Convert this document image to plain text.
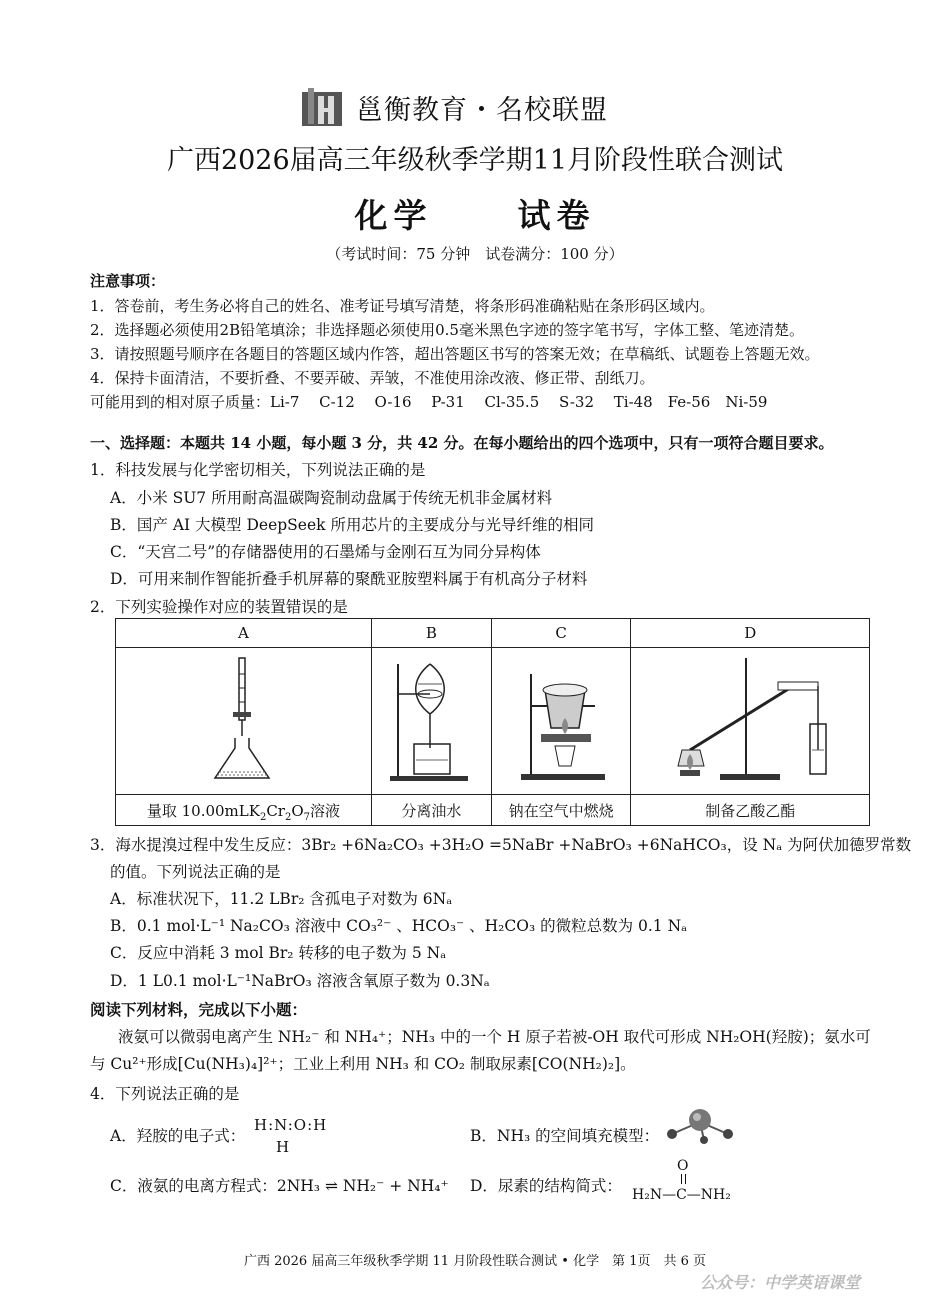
邕衡教育・名校联盟
广西2026届高三年级秋季学期11月阶段性联合测试
化学	试卷
（考试时间：75 分钟　试卷满分：100 分）
注意事项：
1．答卷前，考生务必将自己的姓名、准考证号填写清楚，将条形码准确粘贴在条形码区域内。
2．选择题必须使用2B铅笔填涂；非选择题必须使用0.5毫米黑色字迹的签字笔书写，字体工整、笔迹清楚。
3．请按照题号顺序在各题目的答题区域内作答，超出答题区书写的答案无效；在草稿纸、试题卷上答题无效。
4．保持卡面清洁，不要折叠、不要弄破、弄皱，不准使用涂改液、修正带、刮纸刀。
可能用到的相对原子质量：Li-7　 C-12　 O-16　 P-31　 Cl-35.5　 S-32　 Ti-48　Fe-56　Ni-59
一、选择题：本题共 14 小题，每小题 3 分，共 42 分。在每小题给出的四个选项中，只有一项符合题目要求。
1．科技发展与化学密切相关，下列说法正确的是
A．小米 SU7 所用耐高温碳陶瓷制动盘属于传统无机非金属材料
B．国产 AI 大模型 DeepSeek 所用芯片的主要成分与光导纤维的相同
C．“天宫二号”的存储器使用的石墨烯与金刚石互为同分异构体
D．可用来制作智能折叠手机屏幕的聚酰亚胺塑料属于有机高分子材料
2．下列实验操作对应的装置错误的是
A	B	C	D

量取 $10.00mLK_2Cr_2O_7$溶液	分离油水	钠在空气中燃烧	制备乙酸乙酯
3．海水提溴过程中发生反应：3Br₂ +6Na₂CO₃ +3H₂O =5NaBr +NaBrO₃ +6NaHCO₃，设 Nₐ 为阿伏加德罗常数
的值。下列说法正确的是
A．标准状况下，11.2 LBr₂ 含孤电子对数为 6Nₐ
B．0.1 mol·L⁻¹ Na₂CO₃ 溶液中 CO₃²⁻ 、HCO₃⁻ 、H₂CO₃ 的微粒总数为 0.1 Nₐ
C．反应中消耗 3 mol Br₂ 转移的电子数为 5 Nₐ
D．1 L0.1 mol·L⁻¹NaBrO₃ 溶液含氧原子数为 0.3Nₐ
阅读下列材料，完成以下小题：
液氨可以微弱电离产生 NH₂⁻ 和 NH₄⁺；NH₃ 中的一个 H 原子若被-OH 取代可形成 NH₂OH(羟胺)；氨水可
与 Cu²⁺形成[Cu(NH₃)₄]²⁺；工业上利用 NH₃ 和 CO₂ 制取尿素[CO(NH₂)₂]。
4．下列说法正确的是
A．羟胺的电子式：
H:N:O:H
H
B．NH₃ 的空间填充模型：
C．液氨的电离方程式：2NH₃ ⇌ NH₂⁻ + NH₄⁺ D．尿素的结构简式：
O
H₂N—C—NH₂
广西 2026 届高三年级秋季学期 11 月阶段性联合测试 • 化学　第 1页　共 6 页
公众号：中学英语课堂
